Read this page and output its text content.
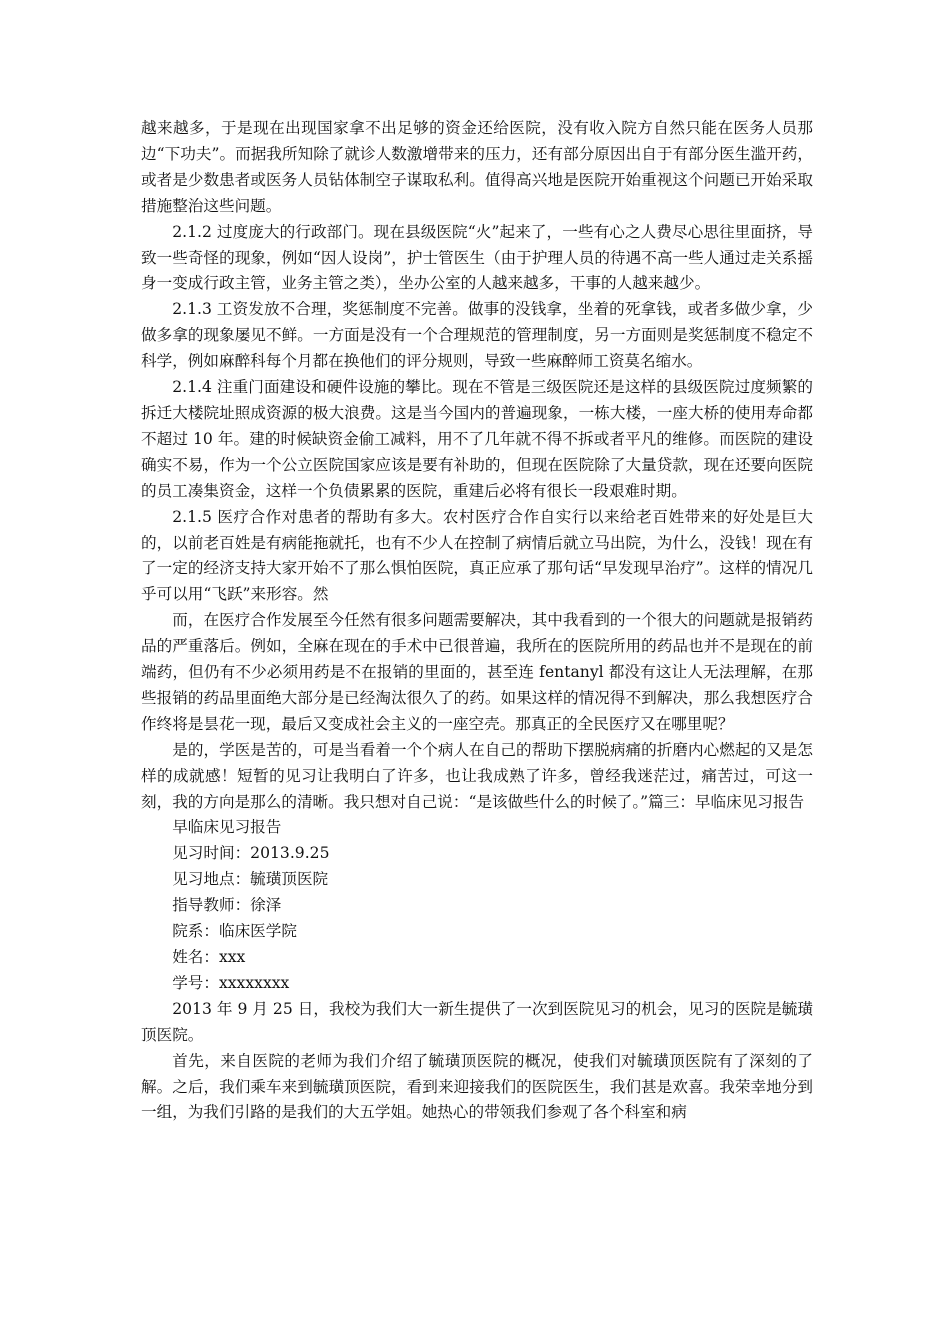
越来越多，于是现在出现国家拿不出足够的资金还给医院，没有收入院方自然只能在医务人员那边“下功夫”。而据我所知除了就诊人数激增带来的压力，还有部分原因出自于有部分医生滥开药，或者是少数患者或医务人员钻体制空子谋取私利。值得高兴地是医院开始重视这个问题已开始采取措施整治这些问题。

2.1.2 过度庞大的行政部门。现在县级医院“火”起来了，一些有心之人费尽心思往里面挤，导致一些奇怪的现象，例如“因人设岗”，护士管医生（由于护理人员的待遇不高一些人通过走关系摇身一变成行政主管，业务主管之类），坐办公室的人越来越多，干事的人越来越少。

2.1.3 工资发放不合理，奖惩制度不完善。做事的没钱拿，坐着的死拿钱，或者多做少拿，少做多拿的现象屡见不鲜。一方面是没有一个合理规范的管理制度，另一方面则是奖惩制度不稳定不科学，例如麻醉科每个月都在换他们的评分规则，导致一些麻醉师工资莫名缩水。

2.1.4 注重门面建设和硬件设施的攀比。现在不管是三级医院还是这样的县级医院过度频繁的拆迁大楼院址照成资源的极大浪费。这是当今国内的普遍现象，一栋大楼，一座大桥的使用寿命都不超过 10 年。建的时候缺资金偷工减料，用不了几年就不得不拆或者平凡的维修。而医院的建设确实不易，作为一个公立医院国家应该是要有补助的，但现在医院除了大量贷款，现在还要向医院的员工凑集资金，这样一个负债累累的医院，重建后必将有很长一段艰难时期。

2.1.5 医疗合作对患者的帮助有多大。农村医疗合作自实行以来给老百姓带来的好处是巨大的，以前老百姓是有病能拖就托，也有不少人在控制了病情后就立马出院，为什么，没钱！现在有了一定的经济支持大家开始不了那么惧怕医院，真正应承了那句话“早发现早治疗”。这样的情况几乎可以用“飞跃”来形容。然

而，在医疗合作发展至今任然有很多问题需要解决，其中我看到的一个很大的问题就是报销药品的严重落后。例如，全麻在现在的手术中已很普遍，我所在的医院所用的药品也并不是现在的前端药，但仍有不少必须用药是不在报销的里面的，甚至连 fentanyl 都没有这让人无法理解，在那些报销的药品里面绝大部分是已经淘汰很久了的药。如果这样的情况得不到解决，那么我想医疗合作终将是昙花一现，最后又变成社会主义的一座空壳。那真正的全民医疗又在哪里呢？

是的，学医是苦的，可是当看着一个个病人在自己的帮助下摆脱病痛的折磨内心燃起的又是怎样的成就感！短暂的见习让我明白了许多，也让我成熟了许多，曾经我迷茫过，痛苦过，可这一刻，我的方向是那么的清晰。我只想对自己说：“是该做些什么的时候了。”篇三：早临床见习报告

早临床见习报告

见习时间：2013.9.25

见习地点：毓璜顶医院

指导教师：徐泽

院系：临床医学院

姓名：xxx

学号：xxxxxxxx

2013 年 9 月 25 日，我校为我们大一新生提供了一次到医院见习的机会，见习的医院是毓璜顶医院。

首先，来自医院的老师为我们介绍了毓璜顶医院的概况，使我们对毓璜顶医院有了深刻的了解。之后，我们乘车来到毓璜顶医院，看到来迎接我们的医院医生，我们甚是欢喜。我荣幸地分到一组，为我们引路的是我们的大五学姐。她热心的带领我们参观了各个科室和病
